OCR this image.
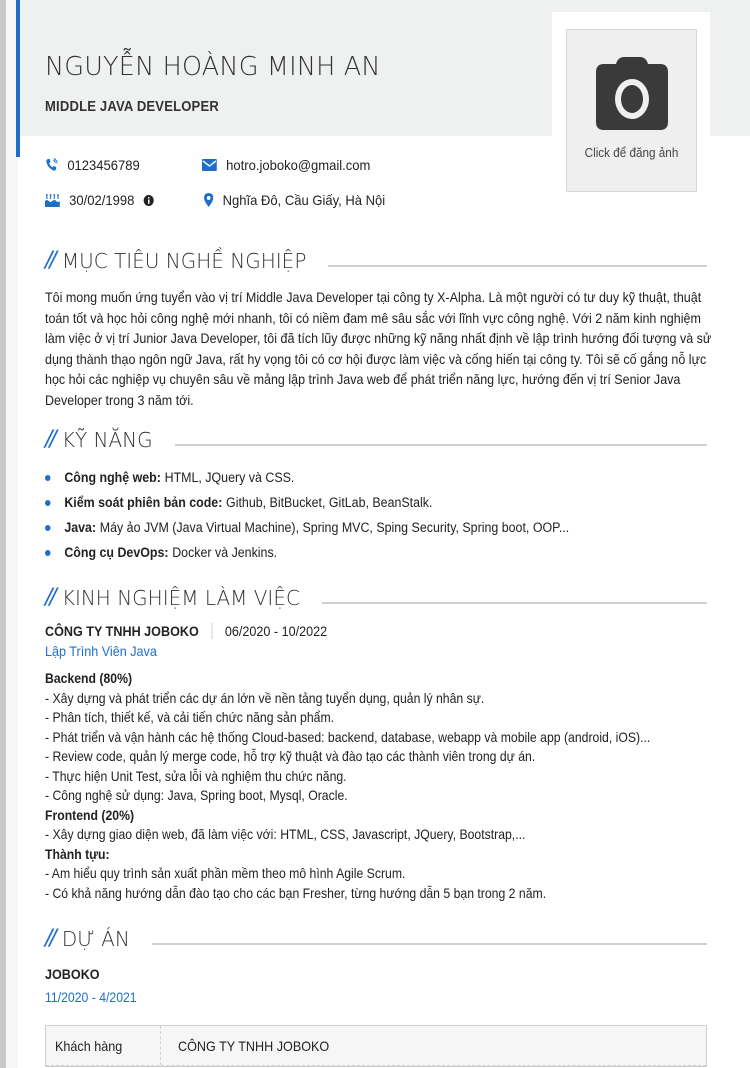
NGUYỄN HOÀNG MINH AN
MIDDLE JAVA DEVELOPER
Click để đăng ảnh
0123456789	hotro.joboko@gmail.com
30/02/1998	Nghĩa Đô, Cầu Giấy, Hà Nội
// MỤC TIÊU NGHỀ NGHIỆP
Tôi mong muốn ứng tuyển vào vị trí Middle Java Developer tại công ty X-Alpha. Là một người có tư duy kỹ thuật, thuật toán tốt và học hỏi công nghệ mới nhanh, tôi có niềm đam mê sâu sắc với lĩnh vực công nghệ. Với 2 năm kinh nghiệm làm việc ở vị trí Junior Java Developer, tôi đã tích lũy được những kỹ năng nhất định về lập trình hướng đối tượng và sử dụng thành thạo ngôn ngữ Java, rất hy vọng tôi có cơ hội được làm việc và cống hiến tại công ty. Tôi sẽ cố gắng nỗ lực học hỏi các nghiệp vụ chuyên sâu về mảng lập trình Java web để phát triển năng lực, hướng đến vị trí Senior Java Developer trong 3 năm tới.
// KỸ NĂNG
Công nghệ web: HTML, JQuery và CSS.
Kiểm soát phiên bản code: Github, BitBucket, GitLab, BeanStalk.
Java: Máy ảo JVM (Java Virtual Machine), Spring MVC, Sping Security, Spring boot, OOP...
Công cụ DevOps: Docker và Jenkins.
// KINH NGHIỆM LÀM VIỆC
CÔNG TY TNHH JOBOKO 06/2020 - 10/2022
Lập Trình Viên Java
Backend (80%)
- Xây dựng và phát triển các dự án lớn về nền tảng tuyển dụng, quản lý nhân sự.
- Phân tích, thiết kế, và cải tiến chức năng sản phẩm.
- Phát triển và vận hành các hệ thống Cloud-based: backend, database, webapp và mobile app (android, iOS)...
- Review code, quản lý merge code, hỗ trợ kỹ thuật và đào tạo các thành viên trong dự án.
- Thực hiện Unit Test, sửa lỗi và nghiệm thu chức năng.
- Công nghệ sử dụng: Java, Spring boot, Mysql, Oracle.
Frontend (20%)
- Xây dựng giao diện web, đã làm việc với: HTML, CSS, Javascript, JQuery, Bootstrap,...
Thành tựu:
- Am hiểu quy trình sản xuất phần mềm theo mô hình Agile Scrum.
- Có khả năng hướng dẫn đào tạo cho các bạn Fresher, từng hướng dẫn 5 bạn trong 2 năm.
// DỰ ÁN
JOBOKO
11/2020 - 4/2021
Khách hàng	CÔNG TY TNHH JOBOKO
